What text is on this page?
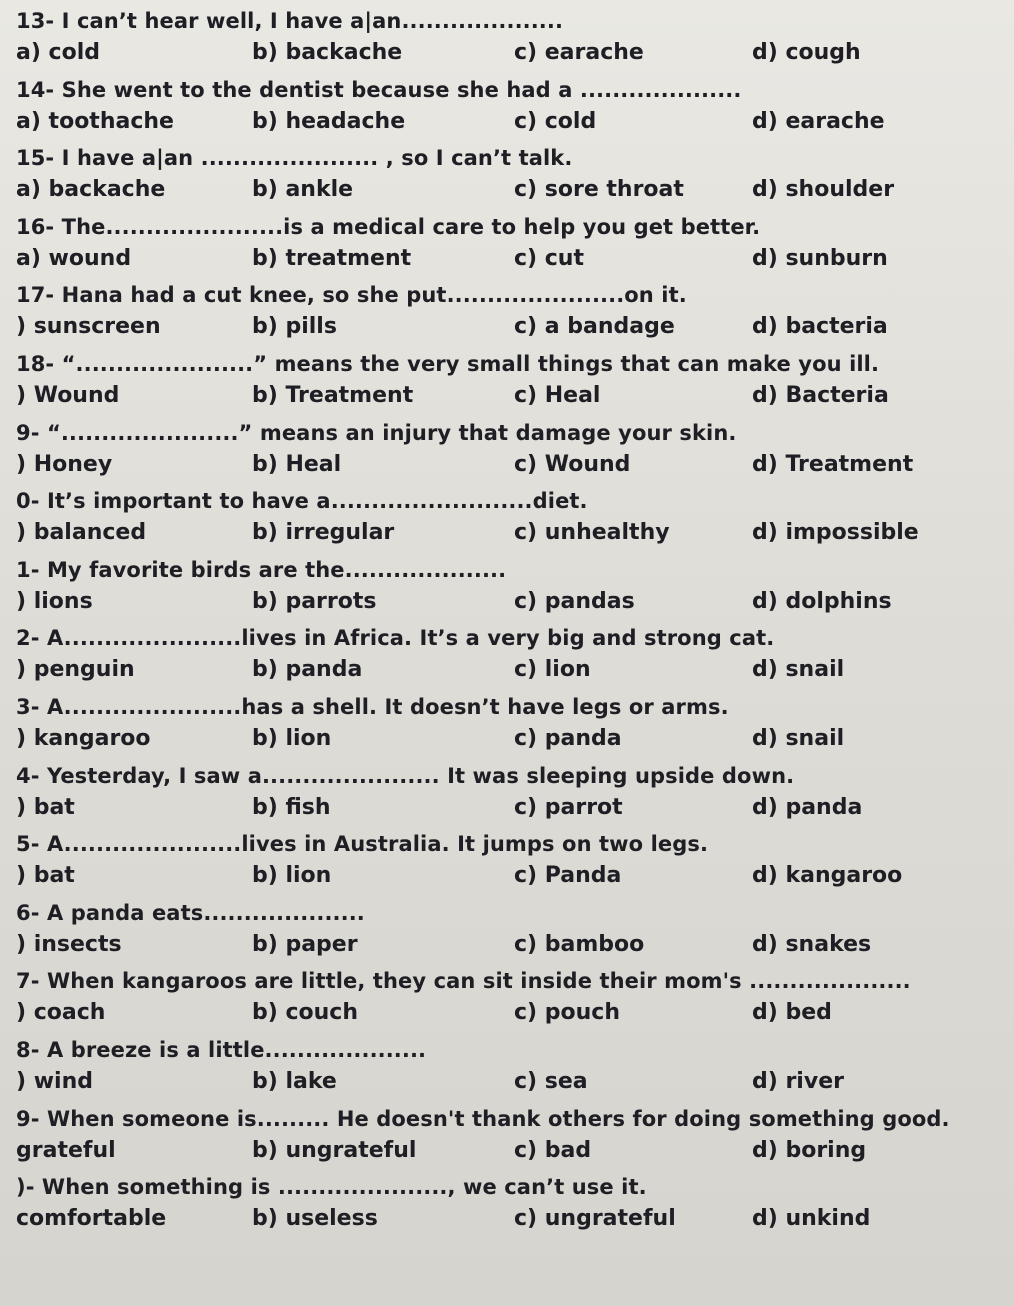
13- I can’t hear well, I have a|an....................
a) cold	b) backache	c) earache	d) cough
14- She went to the dentist because she had a ....................
a) toothache	b) headache	c) cold	d) earache
15- I have a|an ...................... , so I can’t talk.
a) backache	b) ankle	c) sore throat	d) shoulder
16- The......................is a medical care to help you get better.
a) wound	b) treatment	c) cut	d) sunburn
17- Hana had a cut knee, so she put......................on it.
) sunscreen	b) pills	c) a bandage	d) bacteria
18- “......................” means the very small things that can make you ill.
) Wound	b) Treatment	c) Heal	d) Bacteria
9- “......................” means an injury that damage your skin.
) Honey	b) Heal	c) Wound	d) Treatment
0- It’s important to have a.........................diet.
) balanced	b) irregular	c) unhealthy	d) impossible
1- My favorite birds are the....................
) lions	b) parrots	c) pandas	d) dolphins
2- A......................lives in Africa. It’s a very big and strong cat.
) penguin	b) panda	c) lion	d) snail
3- A......................has a shell. It doesn’t have legs or arms.
) kangaroo	b) lion	c) panda	d) snail
4- Yesterday, I saw a...................... It was sleeping upside down.
) bat	b) fish	c) parrot	d) panda
5- A......................lives in Australia. It jumps on two legs.
) bat	b) lion	c) Panda	d) kangaroo
6- A panda eats....................
) insects	b) paper	c) bamboo	d) snakes
7- When kangaroos are little, they can sit inside their mom's ....................
) coach	b) couch	c) pouch	d) bed
8- A breeze is a little....................
) wind	b) lake	c) sea	d) river
9- When someone is......... He doesn't thank others for doing something good.
grateful	b) ungrateful	c) bad	d) boring
)- When something is ....................., we can’t use it.
comfortable	b) useless	c) ungrateful	d) unkind
